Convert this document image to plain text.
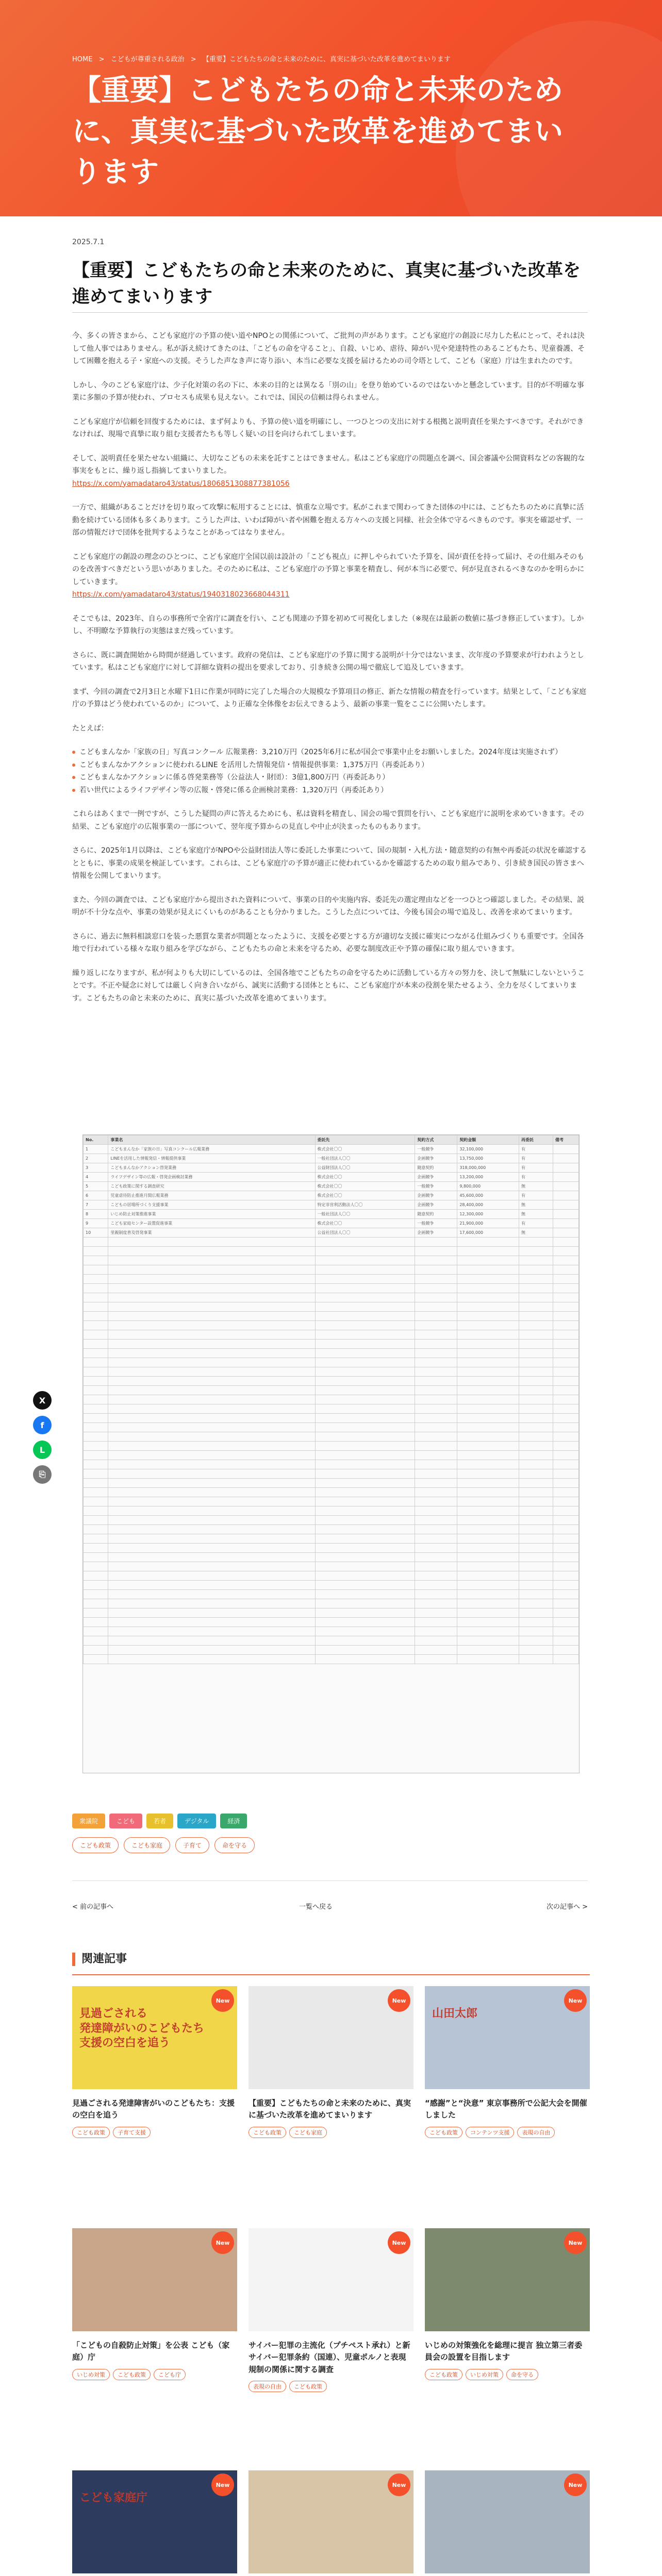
HOME > こどもが尊重される政治 > 【重要】こどもたちの命と未来のために、真実に基づいた改革を進めてまいります
【重要】こどもたちの命と未来のために、真実に基づいた改革を進めてまいります
2025.7.1
【重要】こどもたちの命と未来のために、真実に基づいた改革を進めてまいります

今、多くの皆さまから、こども家庭庁の予算の使い道やNPOとの関係について、ご批判の声があります。こども家庭庁の創設に尽力した私にとって、それは決して他人事ではありません。私が訴え続けてきたのは、「こどもの命を守ること」、自殺、いじめ、虐待、障がい児や発達特性のあるこどもたち、児童養護、そして困難を抱える子・家庭への支援。そうした声なき声に寄り添い、本当に必要な支援を届けるための司令塔として、こども（家庭）庁は生まれたのです。

しかし、今のこども家庭庁は、少子化対策の名の下に、本来の目的とは異なる「別の山」を登り始めているのではないかと懸念しています。目的が不明確な事業に多額の予算が使われ、プロセスも成果も見えない。これでは、国民の信頼は得られません。

こども家庭庁が信頼を回復するためには、まず何よりも、予算の使い道を明確にし、一つひとつの支出に対する根拠と説明責任を果たすべきです。それができなければ、現場で真摯に取り組む支援者たちも等しく疑いの目を向けられてしまいます。

そして、説明責任を果たせない組織に、大切なこどもの未来を託すことはできません。私はこども家庭庁の問題点を調べ、国会審議や公開資料などの客観的な事実をもとに、繰り返し指摘してまいりました。
https://x.com/yamadataro43/status/1806851308877381056

一方で、組織があることだけを切り取って攻撃に転用することには、慎重な立場です。私がこれまで関わってきた団体の中には、こどもたちのために真摯に活動を続けている団体も多くあります。こうした声は、いわば障がい者や困難を抱える方々への支援と同様、社会全体で守るべきものです。事実を確認せず、一部の情報だけで団体を批判するようなことがあってはなりません。

こども家庭庁の創設の理念のひとつに、こども家庭庁全国以前は設計の「こども視点」に押しやられていた予算を、国が責任を持って届け、その仕組みそのものを改善すべきだという思いがありました。そのために私は、こども家庭庁の予算と事業を精査し、何が本当に必要で、何が見直されるべきなのかを明らかにしていきます。
https://x.com/yamadataro43/status/1940318023668044311

そこでもは、2023年、自らの事務所で全省庁に調査を行い、こども関連の予算を初めて可視化しました（※現在は最新の数値に基づき修正しています）。しかし、不明瞭な予算執行の実態はまだ残っています。

さらに、既に調査開始から時間が経過しています。政府の発信は、こども家庭庁の予算に関する説明が十分ではないまま、次年度の予算要求が行われようとしています。私はこども家庭庁に対して詳細な資料の提出を要求しており、引き続き公開の場で徹底して追及していきます。

まず、今回の調査で2月3日と水曜下1日に作業が同時に完了した場合の大規模な予算項目の修正、新たな情報の精査を行っています。結果として、「こども家庭庁の予算はどう使われているのか」について、より正確な全体像をお伝えできるよう、最新の事業一覧をここに公開いたします。

たとえば：

こどもまんなか「家族の日」写真コンクール 広報業務：3,210万円（2025年6月に私が国会で事業中止をお願いしました。2024年度は実施されず）
こどもまんなかアクションに使われるLINE を活用した情報発信・情報提供事業：1,375万円（再委託あり）
こどもまんなかアクションに係る啓発業務等（公益法人・財団）：3億1,800万円（再委託あり）
若い世代によるライフデザイン等の広報・啓発に係る企画検討業務：1,320万円（再委託あり）

これらはあくまで一例ですが、こうした疑問の声に答えるためにも、私は資料を精査し、国会の場で質問を行い、こども家庭庁に説明を求めていきます。その結果、こども家庭庁の広報事業の一部について、翌年度予算からの見直しや中止が決まったものもあります。

さらに、2025年1月以降は、こども家庭庁がNPOや公益財団法人等に委託した事業について、国の規制・入札方法・随意契約の有無や再委託の状況を確認するとともに、事業の成果を検証しています。これらは、こども家庭庁の予算が適正に使われているかを確認するための取り組みであり、引き続き国民の皆さまへ情報を公開してまいります。

また、今回の調査では、こども家庭庁から提出された資料について、事業の目的や実施内容、委託先の選定理由などを一つひとつ確認しました。その結果、説明が不十分な点や、事業の効果が見えにくいものがあることも分かりました。こうした点については、今後も国会の場で追及し、改善を求めてまいります。

さらに、過去に無料相談窓口を装った悪質な業者が問題となったように、支援を必要とする方が適切な支援に確実につながる仕組みづくりも重要です。全国各地で行われている様々な取り組みを学びながら、こどもたちの命と未来を守るため、必要な制度改正や予算の確保に取り組んでいきます。

繰り返しになりますが、私が何よりも大切にしているのは、全国各地でこどもたちの命を守るために活動している方々の努力を、決して無駄にしないということです。不正や疑念に対しては厳しく向き合いながら、誠実に活動する団体とともに、こども家庭庁が本来の役割を果たせるよう、全力を尽くしてまいります。こどもたちの命と未来のために、真実に基づいた改革を進めてまいります。

X
f
L
⎘
No.	事業名	委託先	契約方式	契約金額	再委託	備考
1	こどもまんなか「家族の日」写真コンクール広報業務	株式会社〇〇	一般競争	32,100,000	有	
2	LINEを活用した情報発信・情報提供事業	一般社団法人〇〇	企画競争	13,750,000	有	
3	こどもまんなかアクション啓発業務	公益財団法人〇〇	随意契約	318,000,000	有	
4	ライフデザイン等の広報・啓発企画検討業務	株式会社〇〇	企画競争	13,200,000	有	
5	こども政策に関する調査研究	株式会社〇〇	一般競争	9,800,000	無	
6	児童虐待防止推進月間広報業務	株式会社〇〇	企画競争	45,600,000	有	
7	こどもの居場所づくり支援事業	特定非営利活動法人〇〇	企画競争	28,400,000	無	
8	いじめ防止対策推進事業	一般社団法人〇〇	随意契約	12,300,000	無	
9	こども家庭センター設置促進事業	株式会社〇〇	一般競争	21,900,000	有	
10	里親制度普及啓発事業	公益社団法人〇〇	企画競争	17,600,000	無	

衆議院	こども	若者	デジタル	経済
こども政策	こども家庭	子育て	命を守る
< 前の記事へ	一覧へ戻る	次の記事へ >
関連記事
見過ごされる
発達障がいのこどもたち
支援の空白を追う
New
見過ごされる発達障害がいのこどもたち：支援の空白を追う
こども政策	子育て支援
New
【重要】こどもたちの命と未来のために、真実に基づいた改革を進めてまいります
こども政策	こども家庭
山田太郎
New
“感謝”と“決意” 東京事務所で公記大会を開催しました
こども政策	コンテンツ支援	表現の自由
New
「こどもの自殺防止対策」を公表 こども（家庭）庁
いじめ対策	こども政策	こども庁
New
サイバー犯罪の主流化（プチペスト承れ）と新サイバー犯罪条約（国連）、児童ポルノと表現規制の関係に関する調査
表現の自由	こども政策
New
いじめの対策強化を総理に提言 独立第三者委員会の設置を目指します
こども政策	いじめ対策	命を守る
こども家庭庁
New	New	New
